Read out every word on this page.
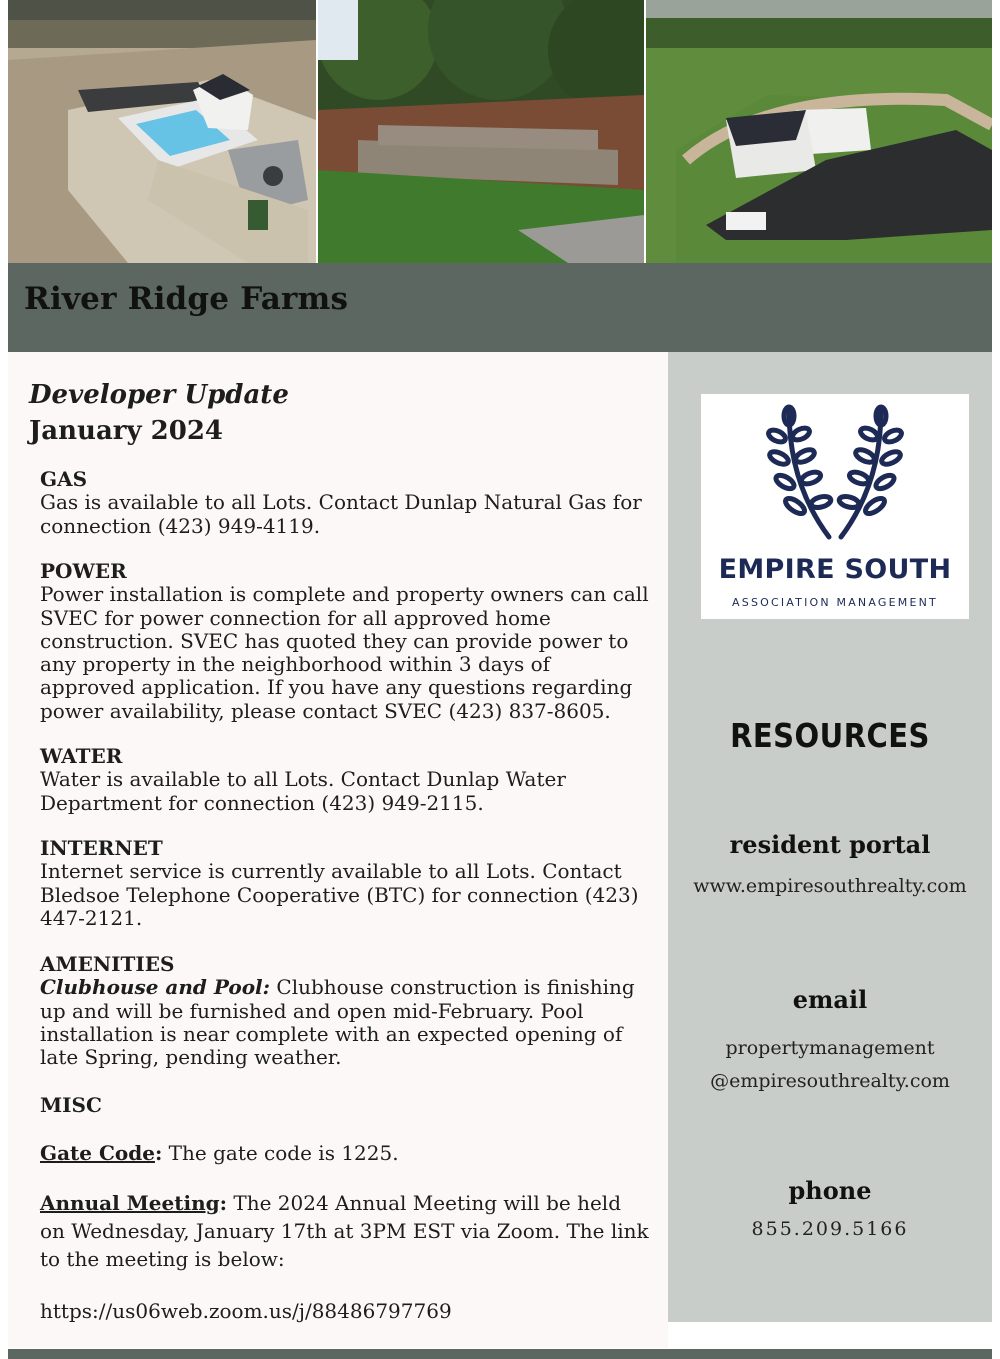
River Ridge Farms
Developer Update
January 2024
GAS

Gas is available to all Lots. Contact Dunlap Natural Gas for connection (423) 949-4119.

POWER

Power installation is complete and property owners can call SVEC for power connection for all approved home construction. SVEC has quoted they can provide power to any property in the neighborhood within 3 days of approved application. If you have any questions regarding power availability, please contact SVEC (423) 837-8605.

WATER

Water is available to all Lots. Contact Dunlap Water Department for connection (423) 949-2115.

INTERNET

Internet service is currently available to all Lots. Contact Bledsoe Telephone Cooperative (BTC) for connection (423) 447-2121.

AMENITIES

Clubhouse and Pool: Clubhouse construction is finishing up and will be furnished and open mid-February. Pool installation is near complete with an expected opening of late Spring, pending weather.

MISC
Gate Code: The gate code is 1225.
Annual Meeting: The 2024 Annual Meeting will be held on Wednesday, January 17th at 3PM EST via Zoom. The link to the meeting is below:
https://us06web.zoom.us/j/88486797769
EMPIRE SOUTH
ASSOCIATION MANAGEMENT
RESOURCES
resident portal
www.empiresouthrealty.com
email
propertymanagement
@empiresouthrealty.com
phone
855.209.5166
